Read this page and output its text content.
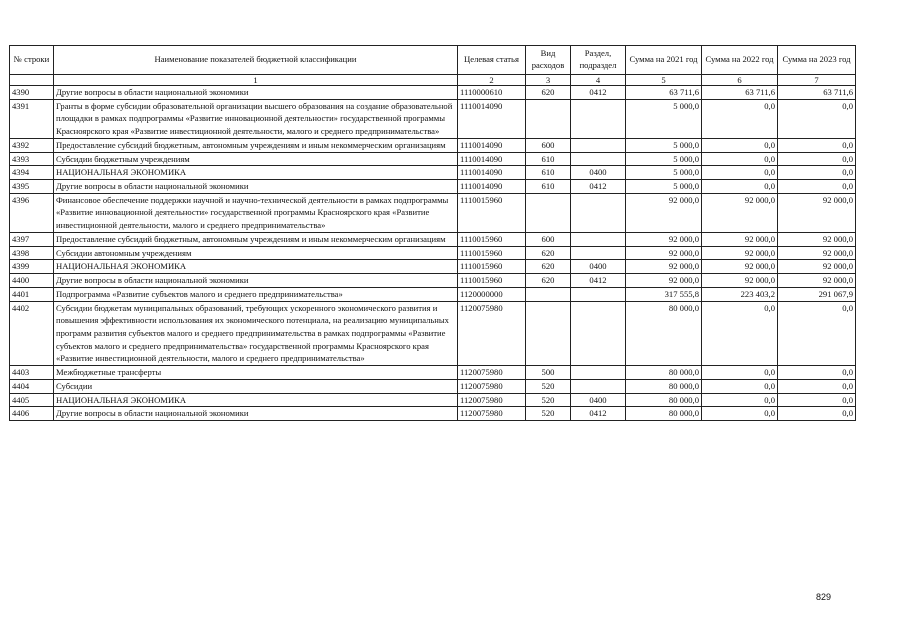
№ строки	Наименование показателей бюджетной классификации	Целевая статья	Вид расходов	Раздел, подраздел	Сумма на 2021 год	Сумма на 2022 год	Сумма на 2023 год
	1	2	3	4	5	6	7
4390	Другие вопросы в области национальной экономики	1110000610	620	0412	63 711,6	63 711,6	63 711,6
4391	Гранты в форме субсидии образовательной организации высшего образования на создание образовательной площадки в рамках подпрограммы «Развитие инновационной деятельности» государственной программы Красноярского края «Развитие инвестиционной деятельности, малого и среднего предпринимательства»	1110014090			5 000,0	0,0	0,0
4392	Предоставление субсидий бюджетным, автономным учреждениям и иным некоммерческим организациям	1110014090	600		5 000,0	0,0	0,0
4393	Субсидии бюджетным учреждениям	1110014090	610		5 000,0	0,0	0,0
4394	НАЦИОНАЛЬНАЯ ЭКОНОМИКА	1110014090	610	0400	5 000,0	0,0	0,0
4395	Другие вопросы в области национальной экономики	1110014090	610	0412	5 000,0	0,0	0,0
4396	Финансовое обеспечение поддержки научной и научно-технической деятельности в рамках подпрограммы «Развитие инновационной деятельности» государственной программы Красноярского края «Развитие инвестиционной деятельности, малого и среднего предпринимательства»	1110015960			92 000,0	92 000,0	92 000,0
4397	Предоставление субсидий бюджетным, автономным учреждениям и иным некоммерческим организациям	1110015960	600		92 000,0	92 000,0	92 000,0
4398	Субсидии автономным учреждениям	1110015960	620		92 000,0	92 000,0	92 000,0
4399	НАЦИОНАЛЬНАЯ ЭКОНОМИКА	1110015960	620	0400	92 000,0	92 000,0	92 000,0
4400	Другие вопросы в области национальной экономики	1110015960	620	0412	92 000,0	92 000,0	92 000,0
4401	Подпрограмма «Развитие субъектов малого и среднего предпринимательства»	1120000000			317 555,8	223 403,2	291 067,9
4402	Субсидии бюджетам муниципальных образований, требующих ускоренного экономического развития и повышения эффективности использования их экономического потенциала, на реализацию муниципальных программ развития субъектов малого и среднего предпринимательства в рамках подпрограммы «Развитие субъектов малого и среднего предпринимательства» государственной программы Красноярского края «Развитие инвестиционной деятельности, малого и среднего предпринимательства»	1120075980			80 000,0	0,0	0,0
4403	Межбюджетные трансферты	1120075980	500		80 000,0	0,0	0,0
4404	Субсидии	1120075980	520		80 000,0	0,0	0,0
4405	НАЦИОНАЛЬНАЯ ЭКОНОМИКА	1120075980	520	0400	80 000,0	0,0	0,0
4406	Другие вопросы в области национальной экономики	1120075980	520	0412	80 000,0	0,0	0,0
829
